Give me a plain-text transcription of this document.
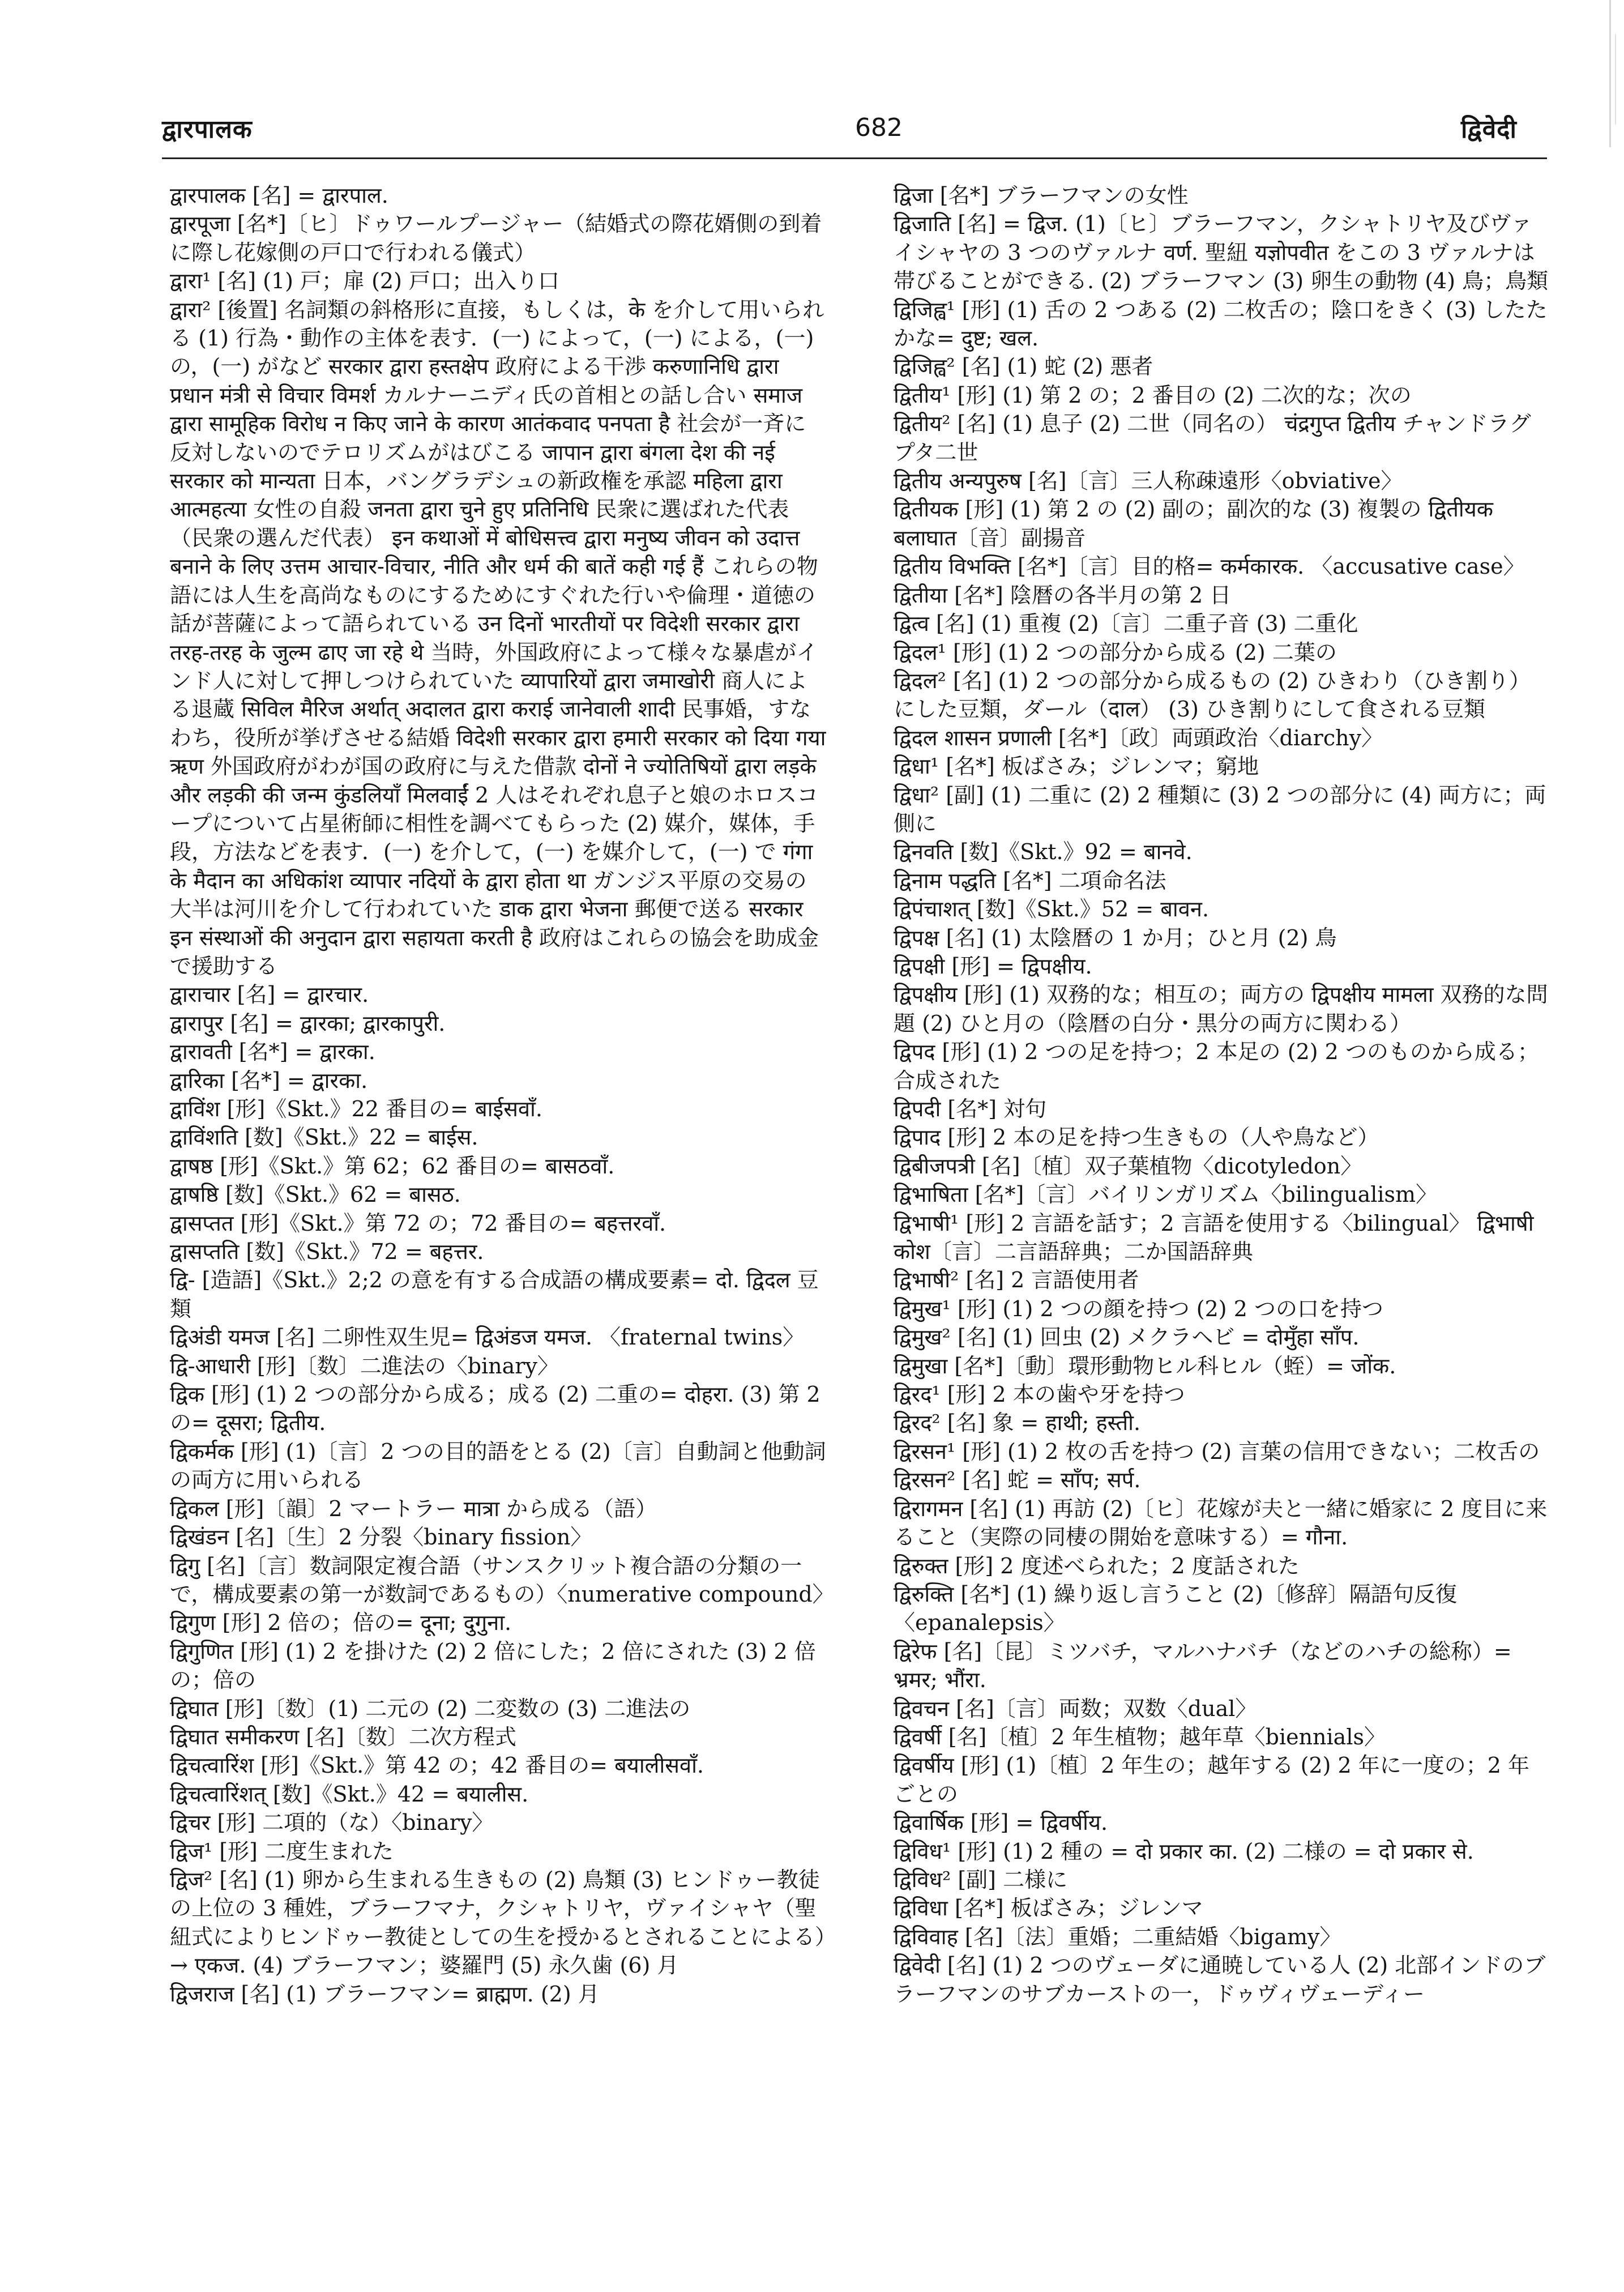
द्वारपालक	682	द्विवेदी

द्वारपालक [名] = द्वारपाल.

द्वारपूजा [名*]〔ヒ〕ドゥワールプージャー（結婚式の際花婿側の到着に際し花嫁側の戸口で行われる儀式）

द्वारा¹ [名] (1) 戸；扉 (2) 戸口；出入り口

द्वारा² [後置] 名詞類の斜格形に直接，もしくは，के を介して用いられる (1) 行為・動作の主体を表す．(一) によって，(一) による，(一) の，(一) がなど सरकार द्वारा हस्तक्षेप 政府による干渉 करुणानिधि द्वारा प्रधान मंत्री से विचार विमर्श カルナーニディ氏の首相との話し合い समाज द्वारा सामूहिक विरोध न किए जाने के कारण आतंकवाद पनपता है 社会が一斉に反対しないのでテロリズムがはびこる जापान द्वारा बंगला देश की नई सरकार को मान्यता 日本，バングラデシュの新政権を承認 महिला द्वारा आत्महत्या 女性の自殺 जनता द्वारा चुने हुए प्रतिनिधि 民衆に選ばれた代表（民衆の選んだ代表） इन कथाओं में बोधिसत्त्व द्वारा मनुष्य जीवन को उदात्त बनाने के लिए उत्तम आचार-विचार, नीति और धर्म की बातें कही गई हैं これらの物語には人生を高尚なものにするためにすぐれた行いや倫理・道徳の話が菩薩によって語られている उन दिनों भारतीयों पर विदेशी सरकार द्वारा तरह-तरह के जुल्म ढाए जा रहे थे 当時，外国政府によって様々な暴虐がインド人に対して押しつけられていた व्यापारियों द्वारा जमाखोरी 商人による退蔵 सिविल मैरिज अर्थात् अदालत द्वारा कराई जानेवाली शादी 民事婚，すなわち，役所が挙げさせる結婚 विदेशी सरकार द्वारा हमारी सरकार को दिया गया ऋण 外国政府がわが国の政府に与えた借款 दोनों ने ज्योतिषियों द्वारा लड़के और लड़की की जन्म कुंडलियाँ मिलवाईं 2 人はそれぞれ息子と娘のホロスコープについて占星術師に相性を調べてもらった (2) 媒介，媒体，手段，方法などを表す．(一) を介して，(一) を媒介して，(一) で गंगा के मैदान का अधिकांश व्यापार नदियों के द्वारा होता था ガンジス平原の交易の大半は河川を介して行われていた डाक द्वारा भेजना 郵便で送る सरकार इन संस्थाओं की अनुदान द्वारा सहायता करती है 政府はこれらの協会を助成金で援助する

द्वाराचार [名] = द्वारचार.

द्वारापुर [名] = द्वारका; द्वारकापुरी.

द्वारावती [名*] = द्वारका.

द्वारिका [名*] = द्वारका.

द्वाविंश [形]《Skt.》22 番目の= बाईसवाँ.

द्वाविंशति [数]《Skt.》22 = बाईस.

द्वाषष्ठ [形]《Skt.》第 62；62 番目の= बासठवाँ.

द्वाषष्ठि [数]《Skt.》62 = बासठ.

द्वासप्तत [形]《Skt.》第 72 の；72 番目の= बहत्तरवाँ.

द्वासप्तति [数]《Skt.》72 = बहत्तर.

द्वि- [造語]《Skt.》2;2 の意を有する合成語の構成要素= दो. द्विदल 豆類

द्विअंडी यमज [名] 二卵性双生児= द्विअंडज यमज. 〈fraternal twins〉

द्वि-आधारी [形]〔数〕二進法の〈binary〉

द्विक [形] (1) 2 つの部分から成る；成る (2) 二重の= दोहरा. (3) 第 2 の= दूसरा; द्वितीय.

द्विकर्मक [形] (1)〔言〕2 つの目的語をとる (2)〔言〕自動詞と他動詞の両方に用いられる

द्विकल [形]〔韻〕2 マートラー मात्रा から成る（語）

द्विखंडन [名]〔生〕2 分裂〈binary fission〉

द्विगु [名]〔言〕数詞限定複合語（サンスクリット複合語の分類の一で，構成要素の第一が数詞であるもの）〈numerative compound〉

द्विगुण [形] 2 倍の；倍の= दूना; दुगुना.

द्विगुणित [形] (1) 2 を掛けた (2) 2 倍にした；2 倍にされた (3) 2 倍の；倍の

द्विघात [形]〔数〕(1) 二元の (2) 二変数の (3) 二進法の

द्विघात समीकरण [名]〔数〕二次方程式

द्विचत्वारिंश [形]《Skt.》第 42 の；42 番目の= बयालीसवाँ.

द्विचत्वारिंशत् [数]《Skt.》42 = बयालीस.

द्विचर [形] 二項的（な）〈binary〉

द्विज¹ [形] 二度生まれた

द्विज² [名] (1) 卵から生まれる生きもの (2) 鳥類 (3) ヒンドゥー教徒の上位の 3 種姓，ブラーフマナ，クシャトリヤ，ヴァイシャヤ（聖紐式によりヒンドゥー教徒としての生を授かるとされることによる）→ एकज. (4) ブラーフマン；婆羅門 (5) 永久歯 (6) 月

द्विजराज [名] (1) ブラーフマン= ब्राह्मण. (2) 月

द्विजा [名*] ブラーフマンの女性

द्विजाति [名] = द्विज. (1)〔ヒ〕ブラーフマン，クシャトリヤ及びヴァイシャヤの 3 つのヴァルナ वर्ण. 聖紐 यज्ञोपवीत をこの 3 ヴァルナは帯びることができる. (2) ブラーフマン (3) 卵生の動物 (4) 鳥；鳥類

द्विजिह्व¹ [形] (1) 舌の 2 つある (2) 二枚舌の；陰口をきく (3) したたかな= दुष्ट; खल.

द्विजिह्व² [名] (1) 蛇 (2) 悪者

द्वितीय¹ [形] (1) 第 2 の；2 番目の (2) 二次的な；次の

द्वितीय² [名] (1) 息子 (2) 二世（同名の） चंद्रगुप्त द्वितीय チャンドラグプタ二世

द्वितीय अन्यपुरुष [名]〔言〕三人称疎遠形〈obviative〉

द्वितीयक [形] (1) 第 2 の (2) 副の；副次的な (3) 複製の द्वितीयक बलाघात〔音〕副揚音

द्वितीय विभक्ति [名*]〔言〕目的格= कर्मकारक. 〈accusative case〉

द्वितीया [名*] 陰暦の各半月の第 2 日

द्वित्व [名] (1) 重複 (2)〔言〕二重子音 (3) 二重化

द्विदल¹ [形] (1) 2 つの部分から成る (2) 二葉の

द्विदल² [名] (1) 2 つの部分から成るもの (2) ひきわり（ひき割り）にした豆類，ダール（दाल） (3) ひき割りにして食される豆類

द्विदल शासन प्रणाली [名*]〔政〕両頭政治〈diarchy〉

द्विधा¹ [名*] 板ばさみ；ジレンマ；窮地

द्विधा² [副] (1) 二重に (2) 2 種類に (3) 2 つの部分に (4) 両方に；両側に

द्विनवति [数]《Skt.》92 = बानवे.

द्विनाम पद्धति [名*] 二項命名法

द्विपंचाशत् [数]《Skt.》52 = बावन.

द्विपक्ष [名] (1) 太陰暦の 1 か月；ひと月 (2) 鳥

द्विपक्षी [形] = द्विपक्षीय.

द्विपक्षीय [形] (1) 双務的な；相互の；両方の द्विपक्षीय मामला 双務的な問題 (2) ひと月の（陰暦の白分・黒分の両方に関わる）

द्विपद [形] (1) 2 つの足を持つ；2 本足の (2) 2 つのものから成る；合成された

द्विपदी [名*] 対句

द्विपाद [形] 2 本の足を持つ生きもの（人や鳥など）

द्विबीजपत्री [名]〔植〕双子葉植物〈dicotyledon〉

द्विभाषिता [名*]〔言〕バイリンガリズム〈bilingualism〉

द्विभाषी¹ [形] 2 言語を話す；2 言語を使用する〈bilingual〉 द्विभाषी कोश〔言〕二言語辞典；二か国語辞典

द्विभाषी² [名] 2 言語使用者

द्विमुख¹ [形] (1) 2 つの顔を持つ (2) 2 つの口を持つ

द्विमुख² [名] (1) 回虫 (2) メクラヘビ = दोमुँहा साँप.

द्विमुखा [名*]〔動〕環形動物ヒル科ヒル（蛭）= जोंक.

द्विरद¹ [形] 2 本の歯や牙を持つ

द्विरद² [名] 象 = हाथी; हस्ती.

द्विरसन¹ [形] (1) 2 枚の舌を持つ (2) 言葉の信用できない；二枚舌の

द्विरसन² [名] 蛇 = साँप; सर्प.

द्विरागमन [名] (1) 再訪 (2)〔ヒ〕花嫁が夫と一緒に婚家に 2 度目に来ること（実際の同棲の開始を意味する）= गौना.

द्विरुक्त [形] 2 度述べられた；2 度話された

द्विरुक्ति [名*] (1) 繰り返し言うこと (2)〔修辞〕隔語句反復〈epanalepsis〉

द्विरेफ [名]〔昆〕ミツバチ，マルハナバチ（などのハチの総称）= भ्रमर; भौंरा.

द्विवचन [名]〔言〕両数；双数〈dual〉

द्विवर्षी [名]〔植〕2 年生植物；越年草〈biennials〉

द्विवर्षीय [形] (1)〔植〕2 年生の；越年する (2) 2 年に一度の；2 年ごとの

द्विवार्षिक [形] = द्विवर्षीय.

द्विविध¹ [形] (1) 2 種の = दो प्रकार का. (2) 二様の = दो प्रकार से.

द्विविध² [副] 二様に

द्विविधा [名*] 板ばさみ；ジレンマ

द्विविवाह [名]〔法〕重婚；二重結婚〈bigamy〉

द्विवेदी [名] (1) 2 つのヴェーダに通暁している人 (2) 北部インドのブラーフマンのサブカーストの一，ドゥヴィヴェーディー
